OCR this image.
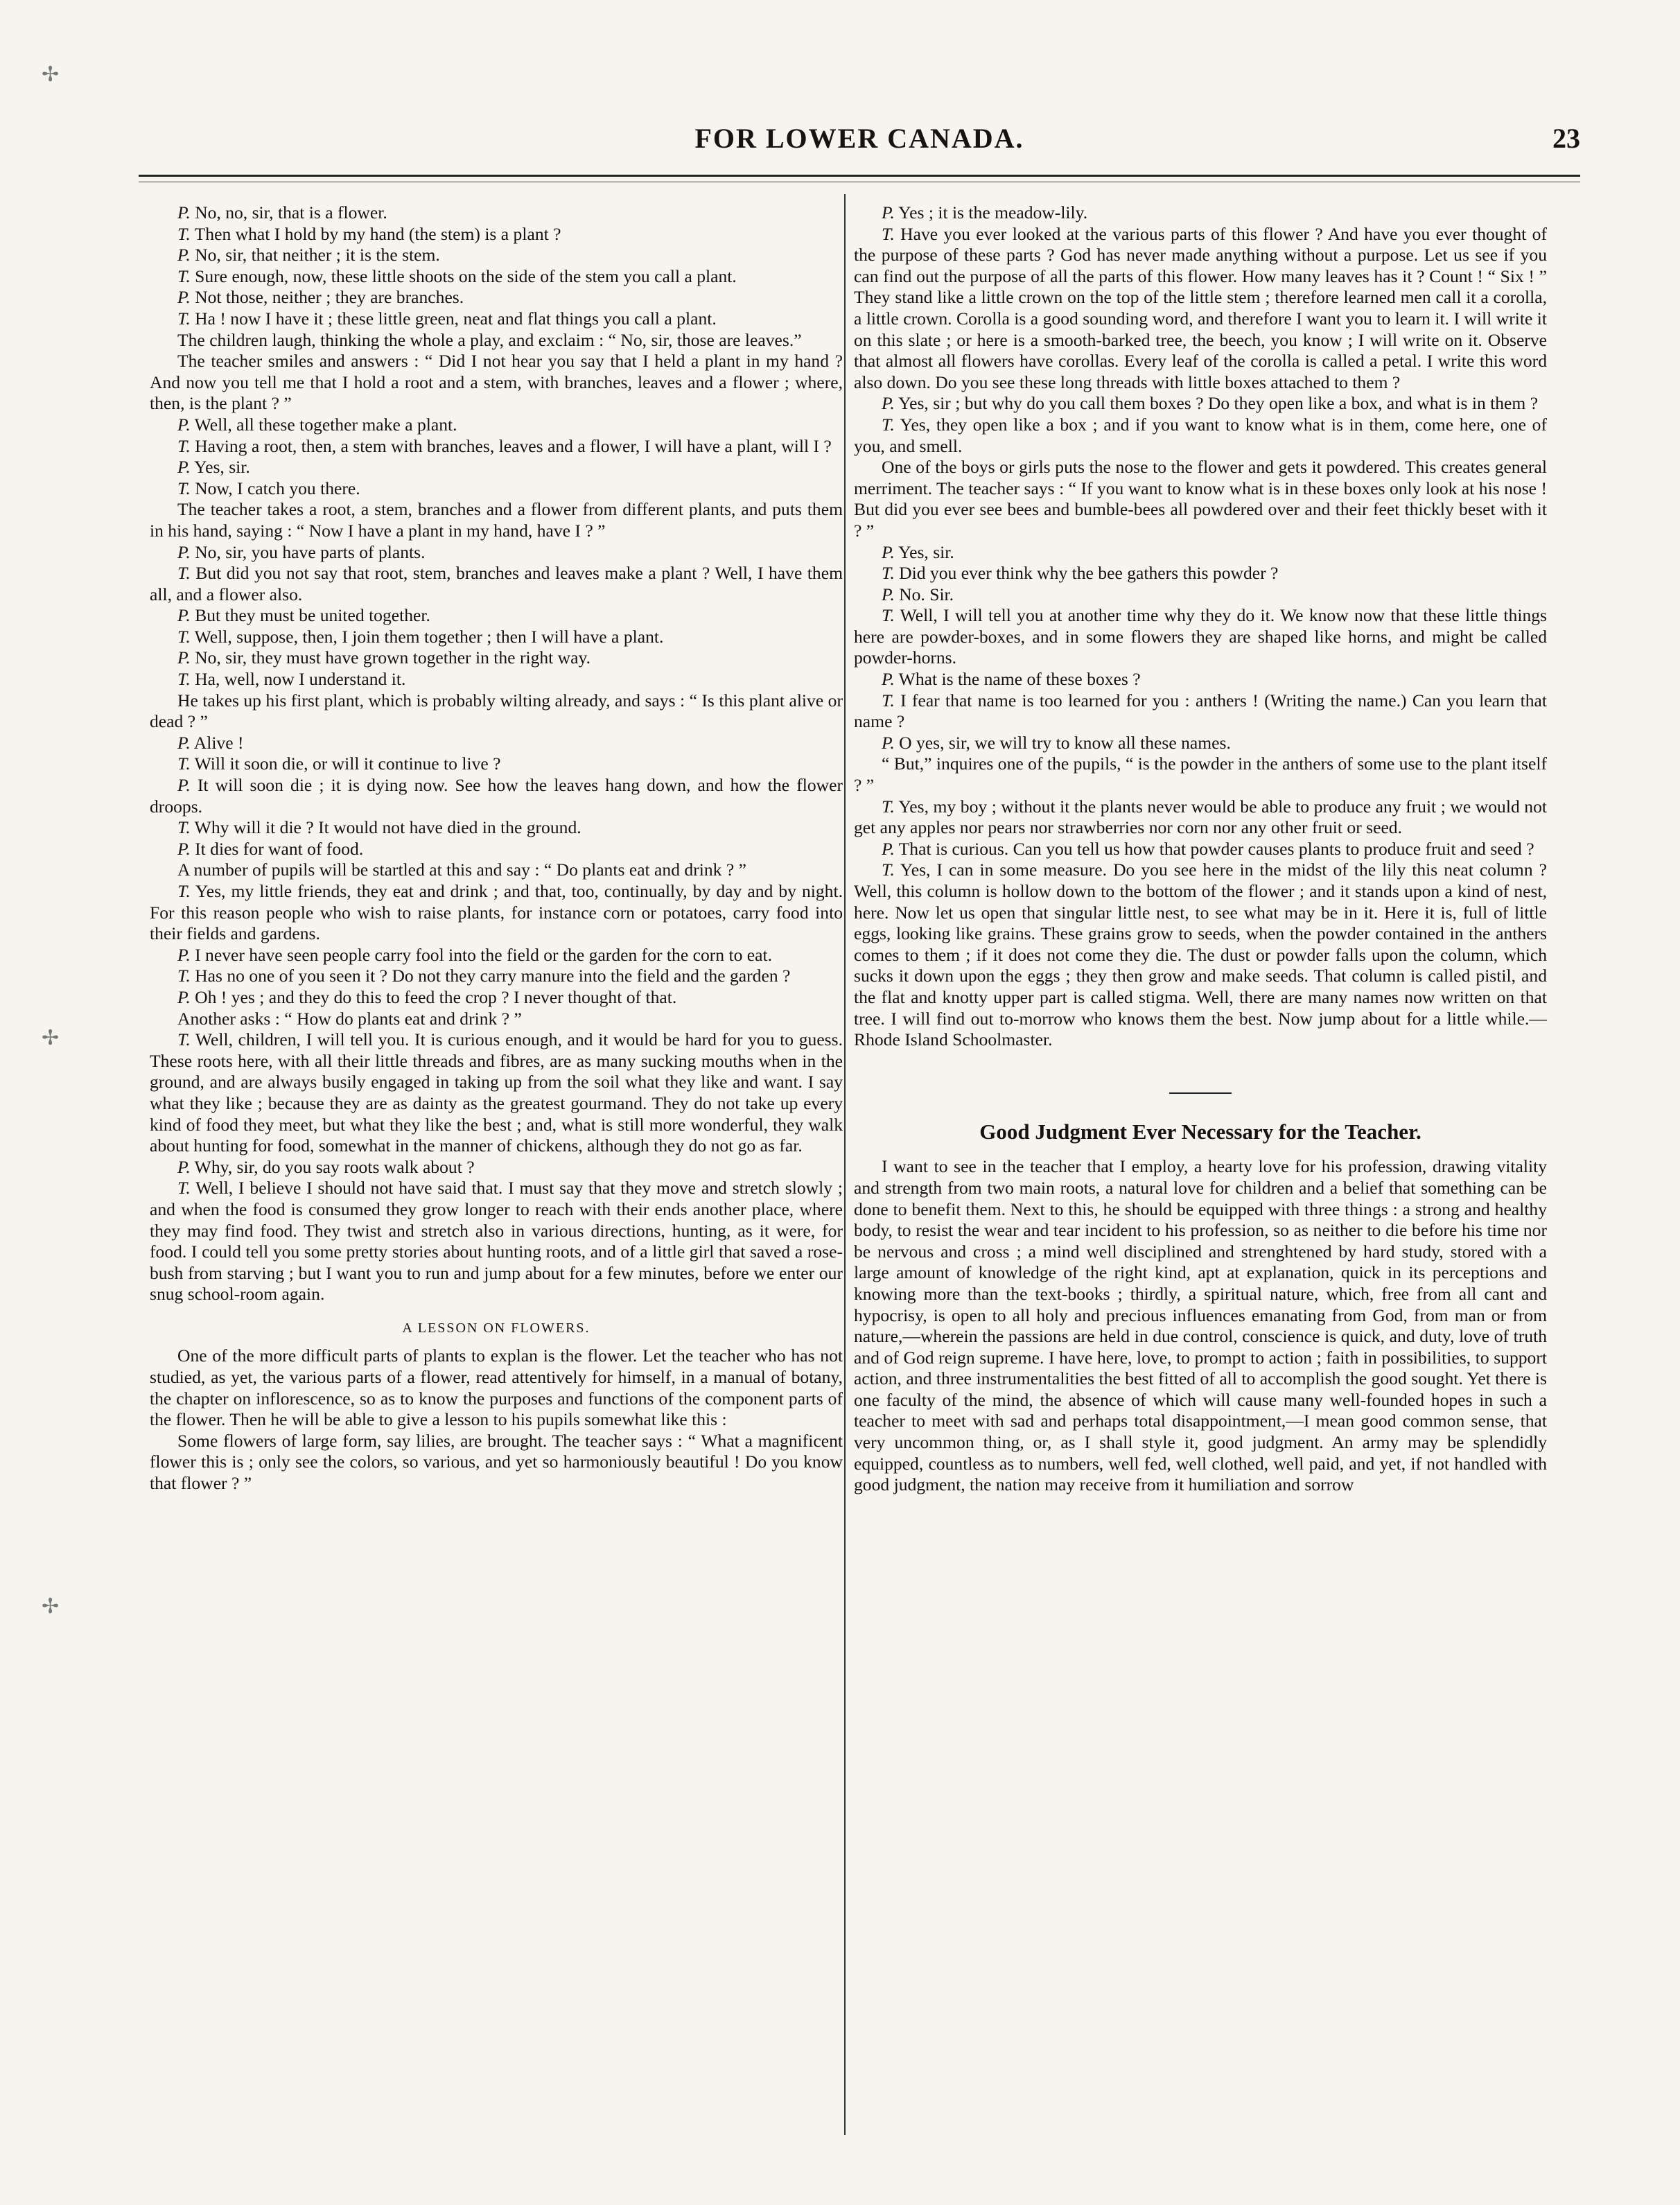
FOR LOWER CANADA.	23
✢
✢
✢

P. No, no, sir, that is a flower.

T. Then what I hold by my hand (the stem) is a plant ?

P. No, sir, that neither ; it is the stem.

T. Sure enough, now, these little shoots on the side of the stem you call a plant.

P. Not those, neither ; they are branches.

T. Ha ! now I have it ; these little green, neat and flat things you call a plant.

The children laugh, thinking the whole a play, and exclaim : “ No, sir, those are leaves.”

The teacher smiles and answers : “ Did I not hear you say that I held a plant in my hand ? And now you tell me that I hold a root and a stem, with branches, leaves and a flower ; where, then, is the plant ? ”

P. Well, all these together make a plant.

T. Having a root, then, a stem with branches, leaves and a flower, I will have a plant, will I ?

P. Yes, sir.

T. Now, I catch you there.

The teacher takes a root, a stem, branches and a flower from different plants, and puts them in his hand, saying : “ Now I have a plant in my hand, have I ? ”

P. No, sir, you have parts of plants.

T. But did you not say that root, stem, branches and leaves make a plant ? Well, I have them all, and a flower also.

P. But they must be united together.

T. Well, suppose, then, I join them together ; then I will have a plant.

P. No, sir, they must have grown together in the right way.

T. Ha, well, now I understand it.

He takes up his first plant, which is probably wilting already, and says : “ Is this plant alive or dead ? ”

P. Alive !

T. Will it soon die, or will it continue to live ?

P. It will soon die ; it is dying now. See how the leaves hang down, and how the flower droops.

T. Why will it die ? It would not have died in the ground.

P. It dies for want of food.

A number of pupils will be startled at this and say : “ Do plants eat and drink ? ”

T. Yes, my little friends, they eat and drink ; and that, too, continually, by day and by night. For this reason people who wish to raise plants, for instance corn or potatoes, carry food into their fields and gardens.

P. I never have seen people carry fool into the field or the garden for the corn to eat.

T. Has no one of you seen it ? Do not they carry manure into the field and the garden ?

P. Oh ! yes ; and they do this to feed the crop ? I never thought of that.

Another asks : “ How do plants eat and drink ? ”

T. Well, children, I will tell you. It is curious enough, and it would be hard for you to guess. These roots here, with all their little threads and fibres, are as many sucking mouths when in the ground, and are always busily engaged in taking up from the soil what they like and want. I say what they like ; because they are as dainty as the greatest gourmand. They do not take up every kind of food they meet, but what they like the best ; and, what is still more wonderful, they walk about hunting for food, somewhat in the manner of chickens, although they do not go as far.

P. Why, sir, do you say roots walk about ?

T. Well, I believe I should not have said that. I must say that they move and stretch slowly ; and when the food is consumed they grow longer to reach with their ends another place, where they may find food. They twist and stretch also in various directions, hunting, as it were, for food. I could tell you some pretty stories about hunting roots, and of a little girl that saved a rose-bush from starving ; but I want you to run and jump about for a few minutes, before we enter our snug school-room again.

A LESSON ON FLOWERS.

One of the more difficult parts of plants to explan is the flower. Let the teacher who has not studied, as yet, the various parts of a flower, read attentively for himself, in a manual of botany, the chapter on inflorescence, so as to know the purposes and functions of the component parts of the flower. Then he will be able to give a lesson to his pupils somewhat like this :

Some flowers of large form, say lilies, are brought. The teacher says : “ What a magnificent flower this is ; only see the colors, so various, and yet so harmoniously beautiful ! Do you know that flower ? ”

P. Yes ; it is the meadow-lily.

T. Have you ever looked at the various parts of this flower ? And have you ever thought of the purpose of these parts ? God has never made anything without a purpose. Let us see if you can find out the purpose of all the parts of this flower. How many leaves has it ? Count ! “ Six ! ” They stand like a little crown on the top of the little stem ; therefore learned men call it a corolla, a little crown. Corolla is a good sounding word, and therefore I want you to learn it. I will write it on this slate ; or here is a smooth-barked tree, the beech, you know ; I will write on it. Observe that almost all flowers have corollas. Every leaf of the corolla is called a petal. I write this word also down. Do you see these long threads with little boxes attached to them ?

P. Yes, sir ; but why do you call them boxes ? Do they open like a box, and what is in them ?

T. Yes, they open like a box ; and if you want to know what is in them, come here, one of you, and smell.

One of the boys or girls puts the nose to the flower and gets it powdered. This creates general merriment. The teacher says : “ If you want to know what is in these boxes only look at his nose ! But did you ever see bees and bumble-bees all powdered over and their feet thickly beset with it ? ”

P. Yes, sir.

T. Did you ever think why the bee gathers this powder ?

P. No. Sir.

T. Well, I will tell you at another time why they do it. We know now that these little things here are powder-boxes, and in some flowers they are shaped like horns, and might be called powder-horns.

P. What is the name of these boxes ?

T. I fear that name is too learned for you : anthers ! (Writing the name.) Can you learn that name ?

P. O yes, sir, we will try to know all these names.

“ But,” inquires one of the pupils, “ is the powder in the anthers of some use to the plant itself ? ”

T. Yes, my boy ; without it the plants never would be able to produce any fruit ; we would not get any apples nor pears nor strawberries nor corn nor any other fruit or seed.

P. That is curious. Can you tell us how that powder causes plants to produce fruit and seed ?

T. Yes, I can in some measure. Do you see here in the midst of the lily this neat column ? Well, this column is hollow down to the bottom of the flower ; and it stands upon a kind of nest, here. Now let us open that singular little nest, to see what may be in it. Here it is, full of little eggs, looking like grains. These grains grow to seeds, when the powder contained in the anthers comes to them ; if it does not come they die. The dust or powder falls upon the column, which sucks it down upon the eggs ; they then grow and make seeds. That column is called pistil, and the flat and knotty upper part is called stigma. Well, there are many names now written on that tree. I will find out to-morrow who knows them the best. Now jump about for a little while.—Rhode Island Schoolmaster.

Good Judgment Ever Necessary for the Teacher.

I want to see in the teacher that I employ, a hearty love for his profession, drawing vitality and strength from two main roots, a natural love for children and a belief that something can be done to benefit them. Next to this, he should be equipped with three things : a strong and healthy body, to resist the wear and tear incident to his profession, so as neither to die before his time nor be nervous and cross ; a mind well disciplined and strenghtened by hard study, stored with a large amount of knowledge of the right kind, apt at explanation, quick in its perceptions and knowing more than the text-books ; thirdly, a spiritual nature, which, free from all cant and hypocrisy, is open to all holy and precious influences emanating from God, from man or from nature,—wherein the passions are held in due control, conscience is quick, and duty, love of truth and of God reign supreme. I have here, love, to prompt to action ; faith in possibilities, to support action, and three instrumentalities the best fitted of all to accomplish the good sought. Yet there is one faculty of the mind, the absence of which will cause many well-founded hopes in such a teacher to meet with sad and perhaps total disappointment,—I mean good common sense, that very uncommon thing, or, as I shall style it, good judgment. An army may be splendidly equipped, countless as to numbers, well fed, well clothed, well paid, and yet, if not handled with good judgment, the nation may receive from it humiliation and sorrow
